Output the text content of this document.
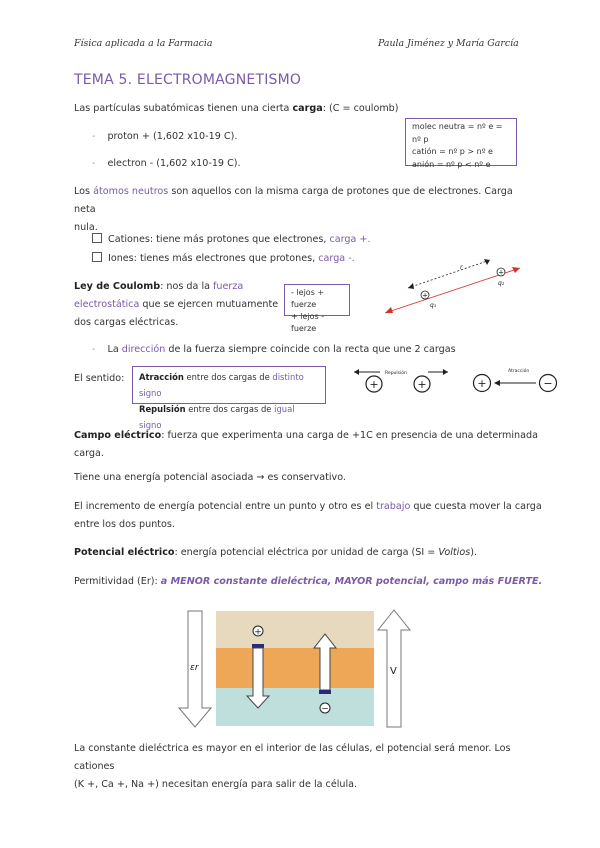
Física aplicada a la Farmacia	Paula Jiménez y María García
TEMA 5. ELECTROMAGNETISMO
Las partículas subatómicas tienen una cierta carga: (C = coulomb)
- proton + (1,602 x10-19 C).
- electron - (1,602 x10-19 C).
molec neutra = nº e = nº p
catión = nº p > nº e
anión = nº p < nº e
Los átomos neutros son aquellos con la misma carga de protones que de electrones. Carga neta
nula.
Cationes: tiene más protones que electrones, carga +.
Iones: tienes más electrones que protones, carga -.
Ley de Coulomb: nos da la fuerza
electrostática que se ejercen mutuamente
dos cargas eléctricas.
- lejos + fuerze
+ lejos - fuerze
+
+
r
q₁
q₂
- La dirección de la fuerza siempre coincide con la recta que une 2 cargas
El sentido: Atracción entre dos cargas de distinto signo
Repulsión entre dos cargas de igual signo
Repulsión
+	+
Atracción
+	−
Campo eléctrico: fuerza que experimenta una carga de +1C en presencia de una determinada
carga.
Tiene una energía potencial asociada → es conservativo.
El incremento de energía potencial entre un punto y otro es el trabajo que cuesta mover la carga
entre los dos puntos.
Potencial eléctrico: energía potencial eléctrica por unidad de carga (SI = Voltios).
Permitividad (Er): a MENOR constante dieléctrica, MAYOR potencial, campo más FUERTE.
εr	V
+
−
La constante dieléctrica es mayor en el interior de las células, el potencial será menor. Los cationes
(K +, Ca +, Na +) necesitan energía para salir de la célula.
